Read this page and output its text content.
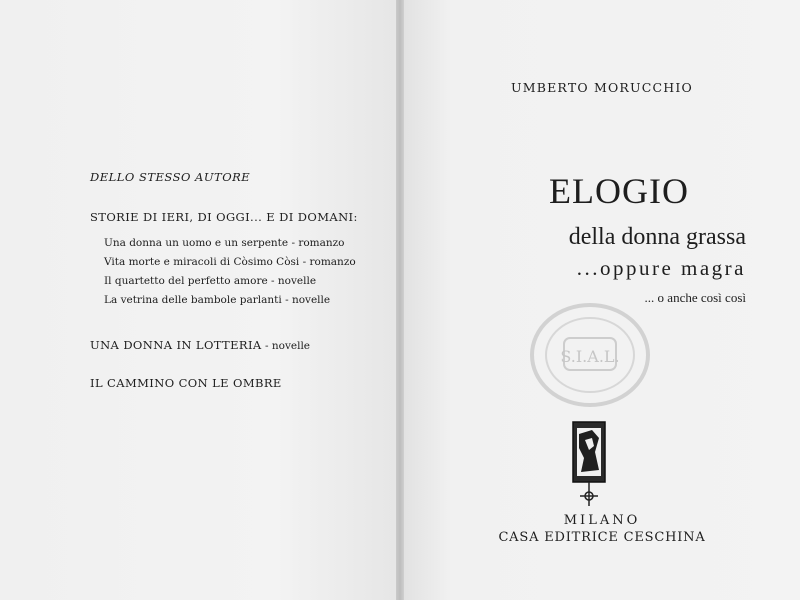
DELLO STESSO AUTORE

STORIE DI IERI, DI OGGI... E DI DOMANI:

Una donna un uomo e un serpente - romanzo
Vita morte e miracoli di Còsimo Còsi - romanzo
Il quartetto del perfetto amore - novelle
La vetrina delle bambole parlanti - novelle

UNA DONNA IN LOTTERIA - novelle

IL CAMMINO CON LE OMBRE

UMBERTO MORUCCHIO
ELOGIO
della donna grassa
...oppure magra
... o anche così così
S.I.A.L.
MILANO
CASA EDITRICE CESCHINA
